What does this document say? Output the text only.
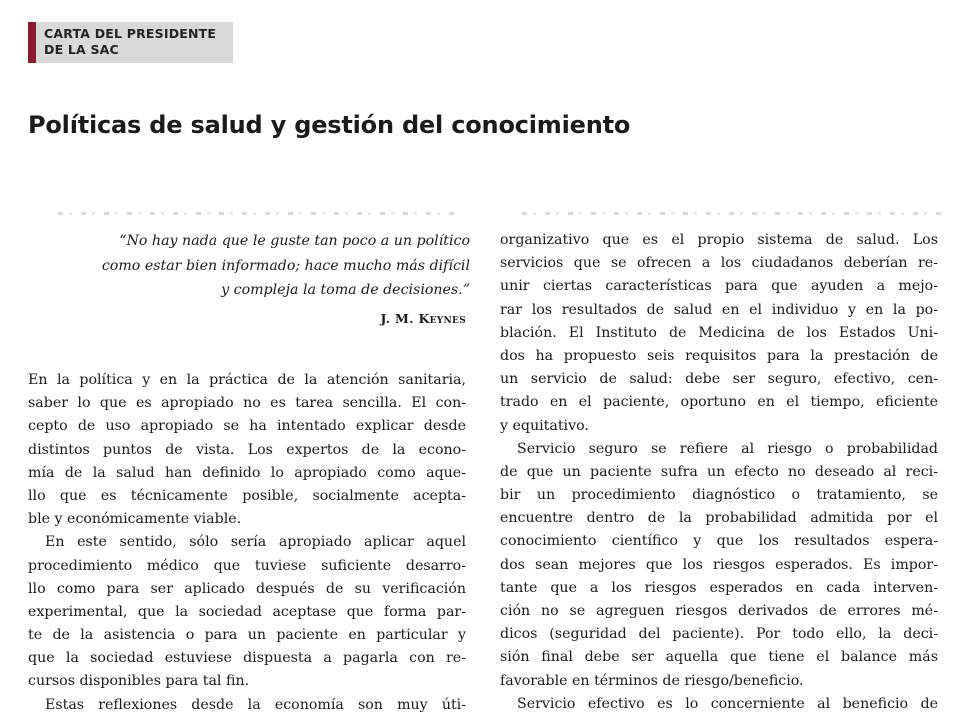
CARTA DEL PRESIDENTE
DE LA SAC
Políticas de salud y gestión del conocimiento
“No hay nada que le guste tan poco a un político
como estar bien informado; hace mucho más difícil
y compleja la toma de decisiones.”
J. M. Keynes
En la política y en la práctica de la atención sanitaria,
saber lo que es apropiado no es tarea sencilla. El con-
cepto de uso apropiado se ha intentado explicar desde
distintos puntos de vista. Los expertos de la econo-
mía de la salud han definido lo apropiado como aque-
llo que es técnicamente posible, socialmente acepta-
ble y económicamente viable.
En este sentido, sólo sería apropiado aplicar aquel
procedimiento médico que tuviese suficiente desarro-
llo como para ser aplicado después de su verificación
experimental, que la sociedad aceptase que forma par-
te de la asistencia o para un paciente en particular y
que la sociedad estuviese dispuesta a pagarla con re-
cursos disponibles para tal fin.
Estas reflexiones desde la economía son muy úti-
organizativo que es el propio sistema de salud. Los
servicios que se ofrecen a los ciudadanos deberían re-
unir ciertas características para que ayuden a mejo-
rar los resultados de salud en el individuo y en la po-
blación. El Instituto de Medicina de los Estados Uni-
dos ha propuesto seis requisitos para la prestación de
un servicio de salud: debe ser seguro, efectivo, cen-
trado en el paciente, oportuno en el tiempo, eficiente
y equitativo.
Servicio seguro se refiere al riesgo o probabilidad
de que un paciente sufra un efecto no deseado al reci-
bir un procedimiento diagnóstico o tratamiento, se
encuentre dentro de la probabilidad admitida por el
conocimiento científico y que los resultados espera-
dos sean mejores que los riesgos esperados. Es impor-
tante que a los riesgos esperados en cada interven-
ción no se agreguen riesgos derivados de errores mé-
dicos (seguridad del paciente). Por todo ello, la deci-
sión final debe ser aquella que tiene el balance más
favorable en términos de riesgo/beneficio.
Servicio efectivo es lo concerniente al beneficio de
